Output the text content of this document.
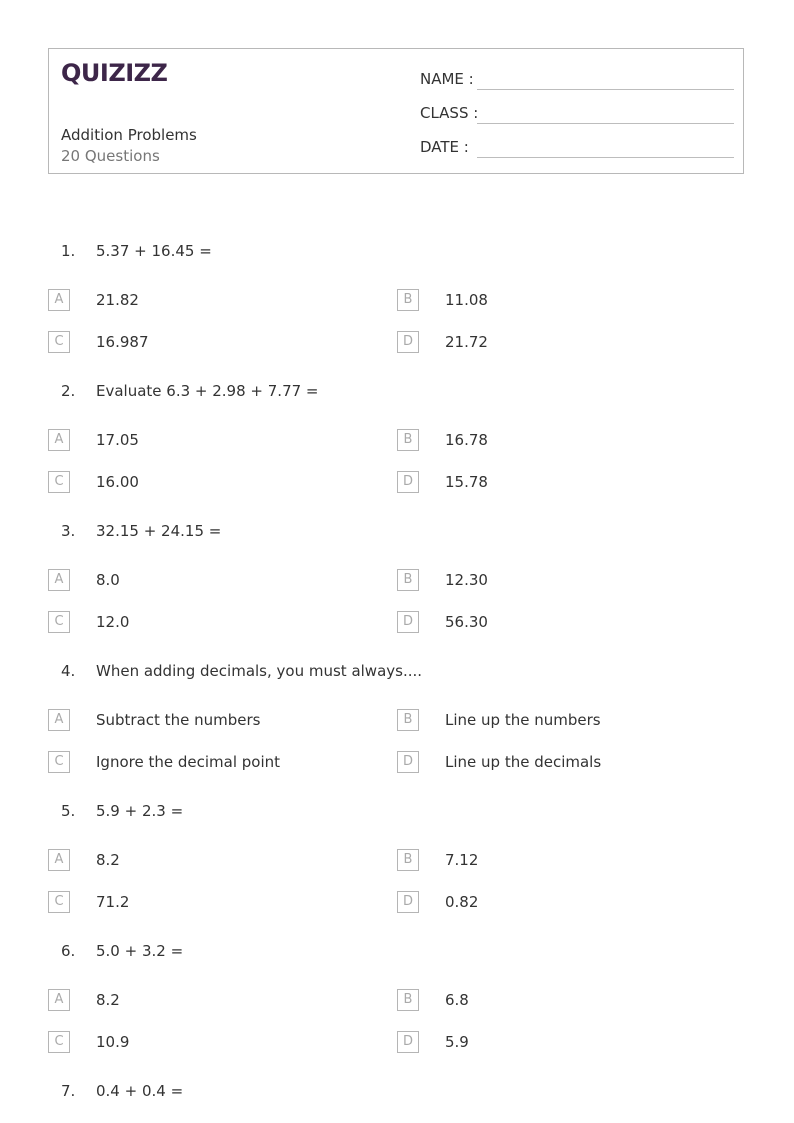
QUIZIZZ
Addition Problems
20 Questions
NAME :
CLASS :
DATE :
1. 5.37 + 16.45 =
A	21.82	B	11.08
C	16.987	D	21.72
2. Evaluate 6.3 + 2.98 + 7.77 =
A	17.05	B	16.78
C	16.00	D	15.78
3. 32.15 + 24.15 =
A	8.0	B	12.30
C	12.0	D	56.30
4. When adding decimals, you must always....
A	Subtract the numbers	B	Line up the numbers
C	Ignore the decimal point	D	Line up the decimals
5. 5.9 + 2.3 =
A	8.2	B	7.12
C	71.2	D	0.82
6. 5.0 + 3.2 =
A	8.2	B	6.8
C	10.9	D	5.9
7. 0.4 + 0.4 =
